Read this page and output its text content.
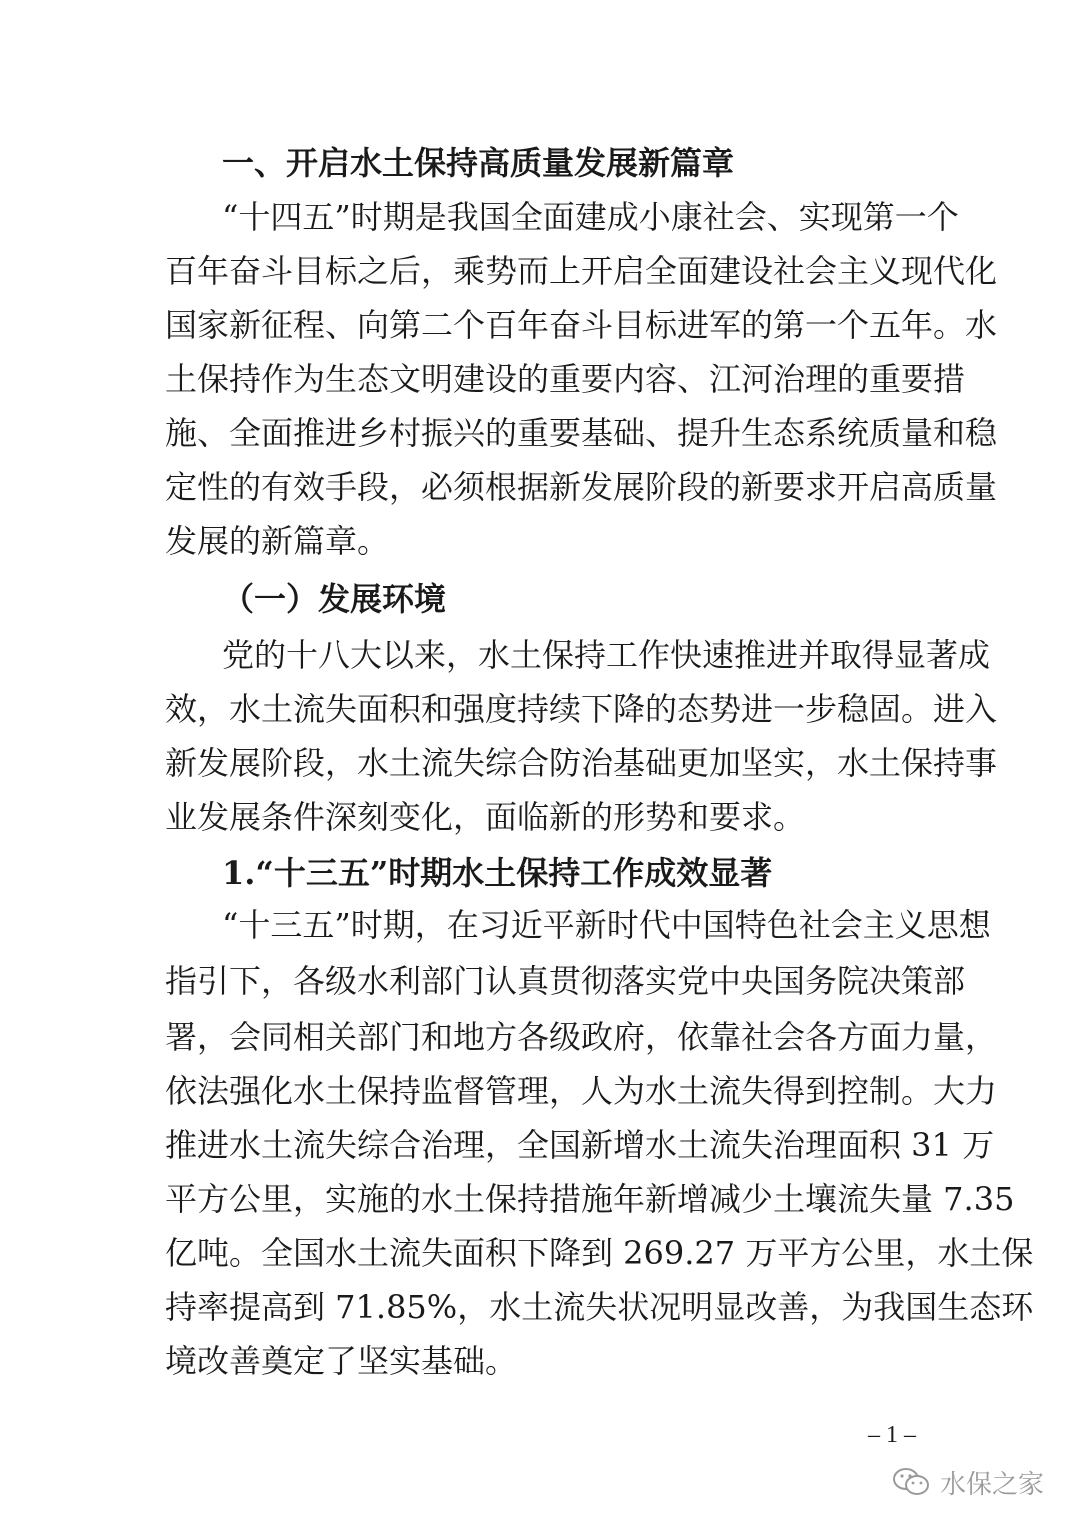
一、开启水土保持高质量发展新篇章
“十四五”时期是我国全面建成小康社会、实现第一个
百年奋斗目标之后，乘势而上开启全面建设社会主义现代化
国家新征程、向第二个百年奋斗目标进军的第一个五年。水
土保持作为生态文明建设的重要内容、江河治理的重要措
施、全面推进乡村振兴的重要基础、提升生态系统质量和稳
定性的有效手段，必须根据新发展阶段的新要求开启高质量
发展的新篇章。
（一）发展环境
党的十八大以来，水土保持工作快速推进并取得显著成
效，水土流失面积和强度持续下降的态势进一步稳固。进入
新发展阶段，水土流失综合防治基础更加坚实，水土保持事
业发展条件深刻变化，面临新的形势和要求。
1.“十三五”时期水土保持工作成效显著
“十三五”时期，在习近平新时代中国特色社会主义思想
指引下，各级水利部门认真贯彻落实党中央国务院决策部
署，会同相关部门和地方各级政府，依靠社会各方面力量，
依法强化水土保持监督管理，人为水土流失得到控制。大力
推进水土流失综合治理，全国新增水土流失治理面积 31 万
平方公里，实施的水土保持措施年新增减少土壤流失量 7.35
亿吨。全国水土流失面积下降到 269.27 万平方公里，水土保
持率提高到 71.85%，水土流失状况明显改善，为我国生态环
境改善奠定了坚实基础。
– 1 –
水保之家
